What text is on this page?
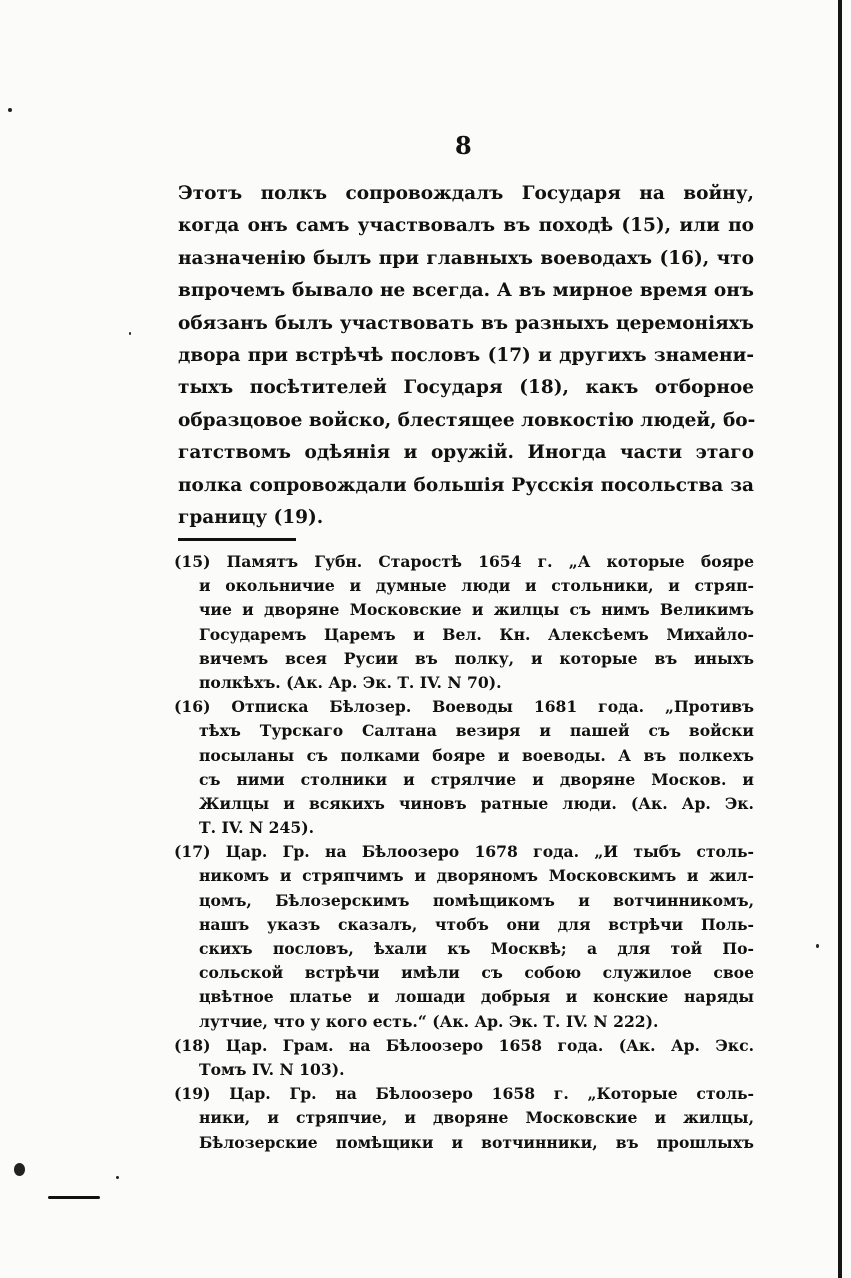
8
Этотъ полкъ сопровождалъ Государя на войну,
когда онъ самъ участвовалъ въ походѣ (15), или по
назначенію былъ при главныхъ воеводахъ (16), что
впрочемъ бывало не всегда. А въ мирное время онъ
обязанъ былъ участвовать въ разныхъ церемоніяхъ
двора при встрѣчѣ пословъ (17) и другихъ знамени-
тыхъ посѣтителей Государя (18), какъ отборное
образцовое войско, блестящее ловкостію людей, бо-
гатствомъ одѣянія и оружій. Иногда части этаго
полка сопровождали большія Русскія посольства за
границу (19).
(15) Памятъ Губн. Старостѣ 1654 г. „А которые бояре
и окольничие и думные люди и стольники, и стряп-
чие и дворяне Московские и жилцы съ нимъ Великимъ
Государемъ Царемъ и Вел. Кн. Алексѣемъ Михайло-
вичемъ всея Русии въ полку, и которые въ иныхъ
полкѣхъ. (Ак. Ар. Эк. Т. IV. N 70).
(16) Отписка Бѣлозер. Воеводы 1681 года. „Противъ
тѣхъ Турскаго Салтана везиря и пашей съ войски
посыланы съ полками бояре и воеводы. А въ полкехъ
съ ними столники и стрялчие и дворяне Москов. и
Жилцы и всякихъ чиновъ ратные люди. (Ак. Ар. Эк.
Т. IV. N 245).
(17) Цар. Гр. на Бѣлоозеро 1678 года. „И тыбъ столь-
никомъ и стряпчимъ и дворяномъ Московскимъ и жил-
цомъ, Бѣлозерскимъ помѣщикомъ и вотчинникомъ,
нашъ указъ сказалъ, чтобъ они для встрѣчи Поль-
скихъ пословъ, ѣхали къ Москвѣ; а для той По-
сольской встрѣчи имѣли съ собою служилое свое
цвѣтное платье и лошади добрыя и конские наряды
лутчие, что у кого есть.“ (Ак. Ар. Эк. Т. IV. N 222).
(18) Цар. Грам. на Бѣлоозеро 1658 года. (Ак. Ар. Экс.
Томъ IV. N 103).
(19) Цар. Гр. на Бѣлоозеро 1658 г. „Которые столь-
ники, и стряпчие, и дворяне Московские и жилцы,
Бѣлозерские помѣщики и вотчинники, въ прошлыхъ
